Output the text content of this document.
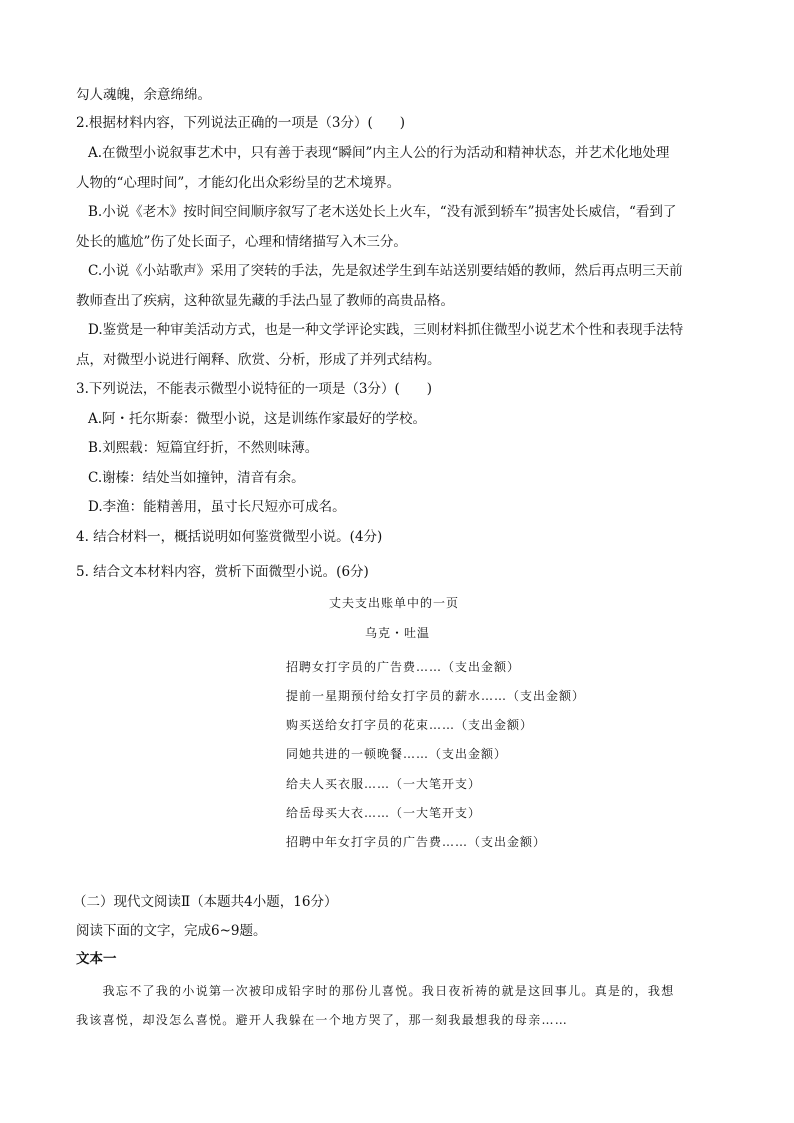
勾人魂魄，余意绵绵。
2.根据材料内容，下列说法正确的一项是（3分）(　　)
A.在微型小说叙事艺术中，只有善于表现“瞬间”内主人公的行为活动和精神状态，并艺术化地处理
人物的“心理时间”，才能幻化出众彩纷呈的艺术境界。
B.小说《老木》按时间空间顺序叙写了老木送处长上火车，“没有派到轿车”损害处长威信，“看到了
处长的尴尬”伤了处长面子，心理和情绪描写入木三分。
C.小说《小站歌声》采用了突转的手法，先是叙述学生到车站送别要结婚的教师，然后再点明三天前
教师查出了疾病，这种欲显先藏的手法凸显了教师的高贵品格。
D.鉴赏是一种审美活动方式，也是一种文学评论实践，三则材料抓住微型小说艺术个性和表现手法特
点，对微型小说进行阐释、欣赏、分析，形成了并列式结构。
3.下列说法，不能表示微型小说特征的一项是（3分）(　　)
A.阿・托尔斯泰：微型小说，这是训练作家最好的学校。
B.刘熙载：短篇宜纡折，不然则味薄。
C.谢榛：结处当如撞钟，清音有余。
D.李渔：能精善用，虽寸长尺短亦可成名。
4. 结合材料一，概括说明如何鉴赏微型小说。(4分)
5. 结合文本材料内容，赏析下面微型小说。(6分)
丈夫支出账单中的一页
乌克・吐温
招聘女打字员的广告费……（支出金额）
提前一星期预付给女打字员的薪水……（支出金额）
购买送给女打字员的花束……（支出金额）
同她共进的一顿晚餐……（支出金额）
给夫人买衣服……（一大笔开支）
给岳母买大衣……（一大笔开支）
招聘中年女打字员的广告费……（支出金额）
（二）现代文阅读Ⅱ（本题共4小题，16分）
阅读下面的文字，完成6~9题。
文本一
　　我忘不了我的小说第一次被印成铅字时的那份儿喜悦。我日夜祈祷的就是这回事儿。真是的，我想
我该喜悦，却没怎么喜悦。避开人我躲在一个地方哭了，那一刻我最想我的母亲……
